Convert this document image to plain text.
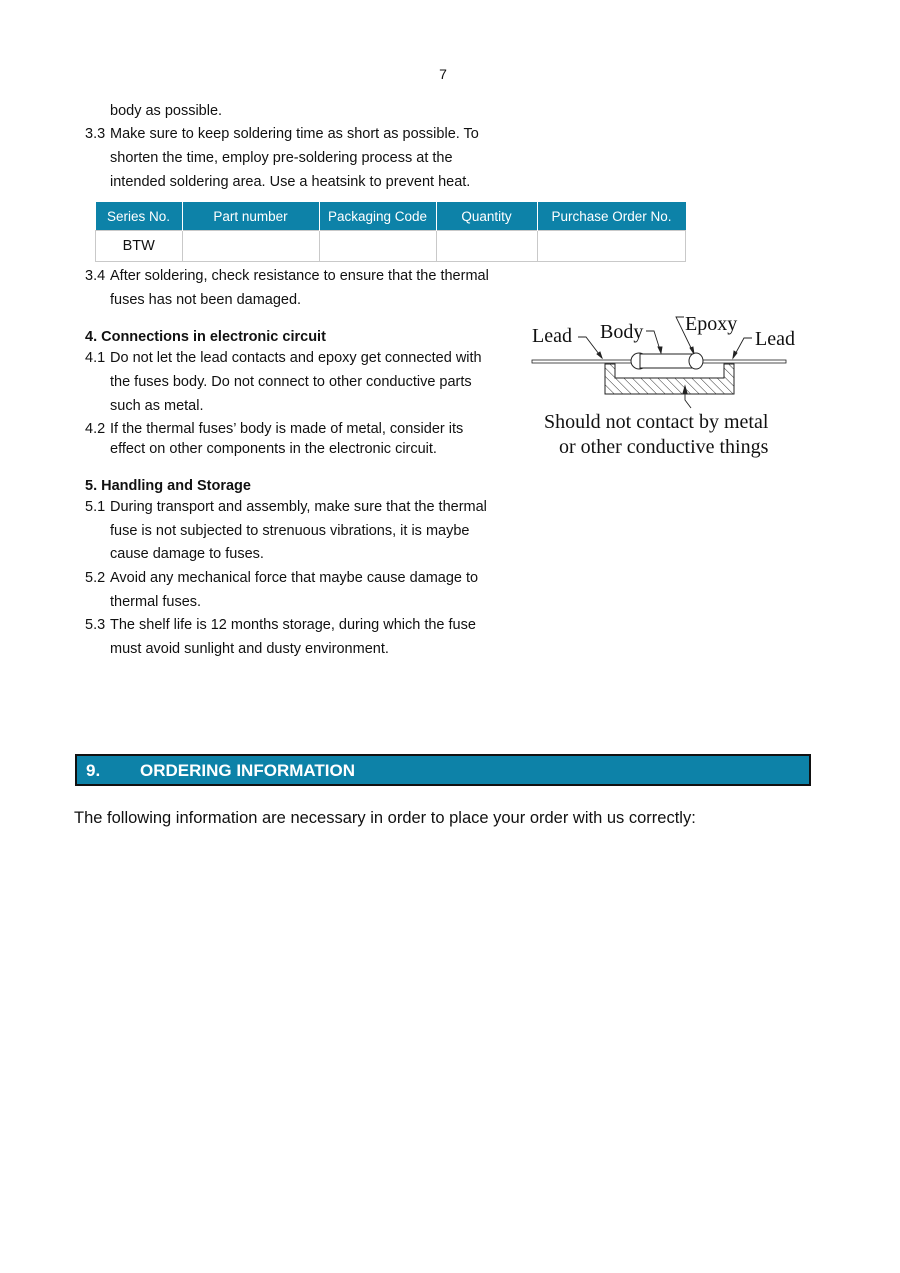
7
body as possible.
3.3 Make sure to keep soldering time as short as possible. To
shorten the time, employ pre-soldering process at the
intended soldering area. Use a heatsink to prevent heat.
Series No.	Part number	Packaging Code	Quantity	Purchase Order No.
BTW				
3.4 After soldering, check resistance to ensure that the thermal
fuses has not been damaged.
4. Connections in electronic circuit
4.1 Do not let the lead contacts and epoxy get connected with
the fuses body. Do not connect to other conductive parts
such as metal.
4.2 If the thermal fuses’ body is made of metal, consider its
effect on other components in the electronic circuit.
Lead Body Epoxy
Lead
Should not contact by metal
or other conductive things
5. Handling and Storage
5.1 During transport and assembly, make sure that the thermal
fuse is not subjected to strenuous vibrations, it is maybe
cause damage to fuses.
5.2 Avoid any mechanical force that maybe cause damage to
thermal fuses.
5.3 The shelf life is 12 months storage, during which the fuse
must avoid sunlight and dusty environment.
9. ORDERING INFORMATION
The following information are necessary in order to place your order with us correctly:
